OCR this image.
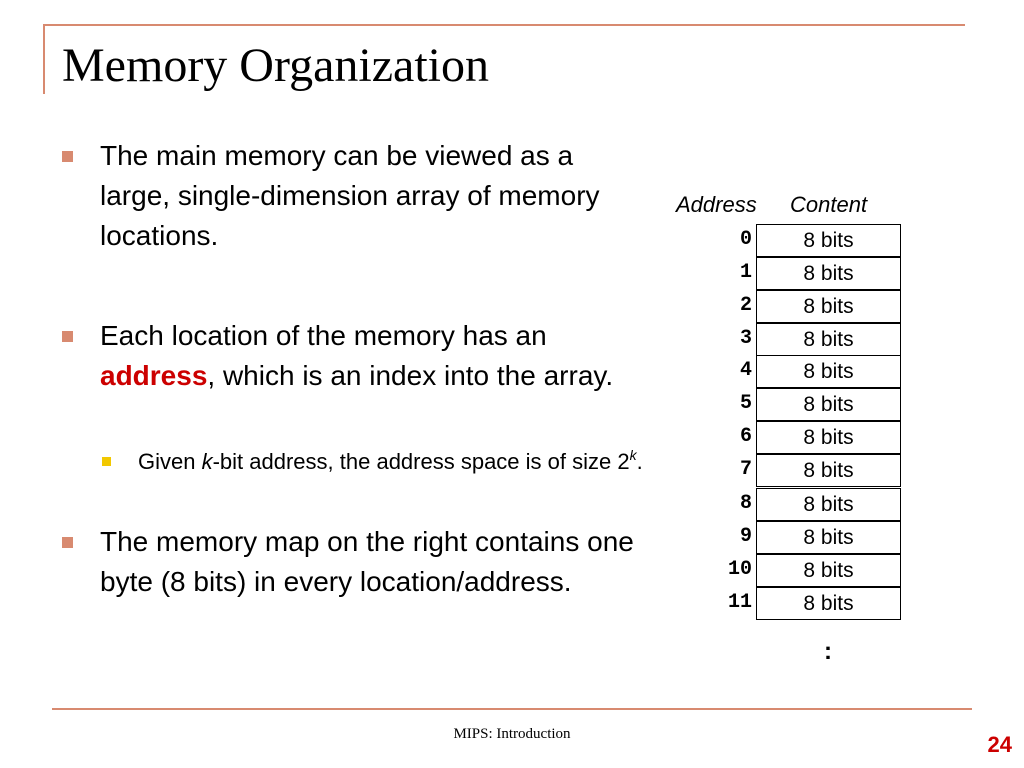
Memory Organization
The main memory can be viewed as a large, single-dimension array of memory locations.
Each location of the memory has an address, which is an index into the array.
Given k-bit address, the address space is of size 2$^k$.
The memory map on the right contains one byte (8 bits) in every location/address.
Address Content
0	8 bits
1	8 bits
2	8 bits
3	8 bits
4	8 bits
5	8 bits
6	8 bits
7	8 bits
8	8 bits
9	8 bits
10	8 bits
11	8 bits
:
MIPS: Introduction	24
